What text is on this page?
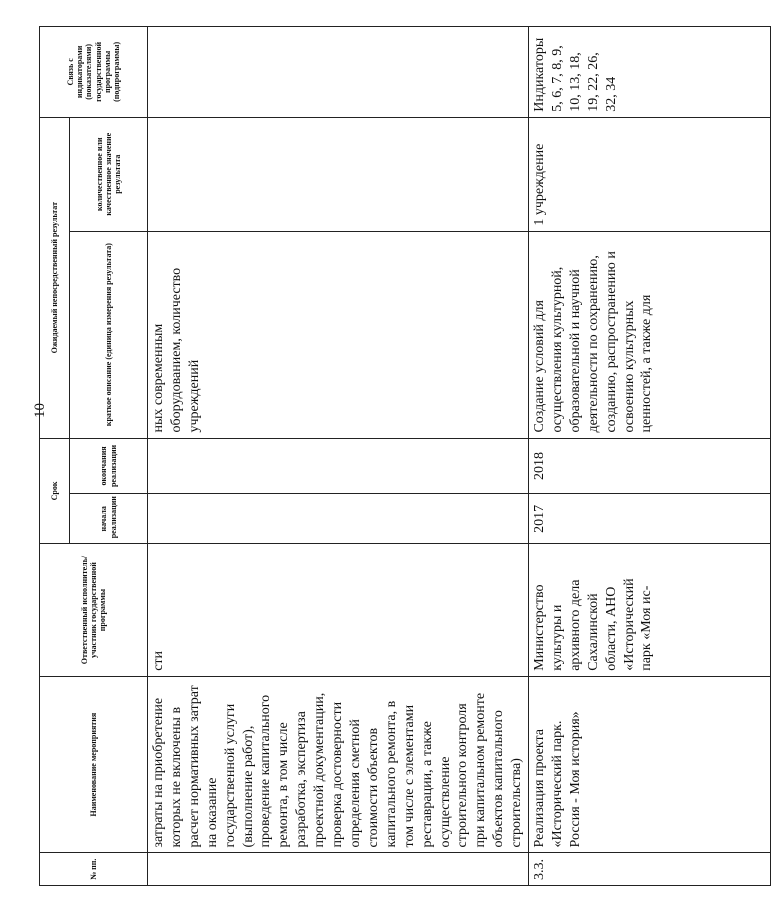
10
№ пп.	Наименование мероприятия	Ответственный исполнитель/участник государственной программы	Срок		Ожидаемый непосредственный результат		Связь с индикаторами (показателями) государственной программы (подпрограммы)
			начала реализации	окончания реализации	краткое описание (единица измерения результата)	количественное или качественное значение результата	
	затраты на приобретение которых не включены в расчет нормативных затрат на оказание государственной услуги (выполнение работ), проведение капитального ремонта, в том числе разработка, экспертиза проектной документации, проверка достоверности определения сметной стоимости объектов капитального ремонта, в том числе с элементами реставрации, а также осуществление строительного контроля при капитальном ремонте объектов капитального строительства)	сти			ных современным оборудованием, количество учреждений		
3.3.	Реализация проекта «Исторический парк. Россия - Моя история»	Министерство культуры и архивного дела Сахалинской области, АНО «Исторический парк «Моя ис-	2017	2018	Создание условий для осуществления культурной, образовательной и научной деятельности по сохранению, созданию, распространению и освоению культурных ценностей, а также для	1 учреждение	Индикаторы 5, 6, 7, 8, 9, 10, 13, 18, 19, 22, 26, 32, 34
